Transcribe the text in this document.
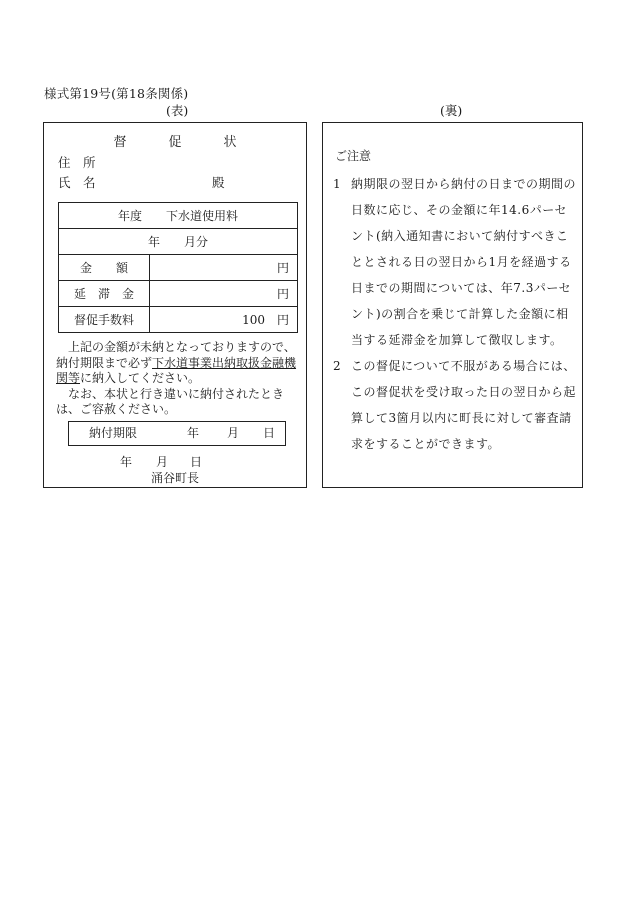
様式第19号(第18条関係)
(表)	(裏)
督	促	状
住　所
氏　名	殿
年度　　下水道使用料	
年　　月分	
金　　額	円
延　滞　金	円
督促手数料	100　円

上記の金額が未納となっておりますので、納付期限まで必ず下水道事業出納取扱金融機関等に納入してください。

なお、本状と行き違いに納付されたときは、ご容赦ください。

納付期限	年 月 日
年 月 日
涌谷町長
ご注意
1 納期限の翌日から納付の日までの期間の日数に応じ、その金額に年14.6パーセント(納入通知書において納付すべきこととされる日の翌日から1月を経過する日までの期間については、年7.3パーセント)の割合を乗じて計算した金額に相当する延滞金を加算して徴収します。
2 この督促について不服がある場合には、この督促状を受け取った日の翌日から起算して3箇月以内に町長に対して審査請求をすることができます。
